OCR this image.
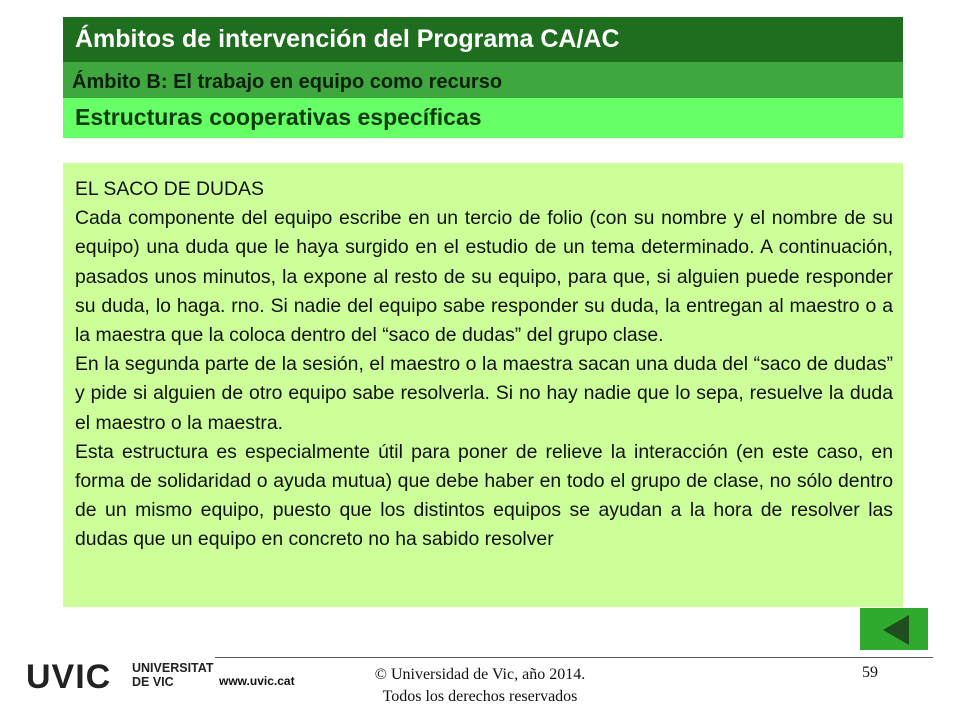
Ámbitos de intervención del Programa CA/AC
Ámbito B: El trabajo en equipo como recurso
Estructuras cooperativas específicas
EL SACO DE DUDAS

Cada componente del equipo escribe en un tercio de folio (con su nombre y el nombre de su equipo) una duda que le haya surgido en el estudio de un tema determinado. A continuación, pasados unos minutos, la expone al resto de su equipo, para que, si alguien puede responder su duda, lo haga. rno. Si nadie del equipo sabe responder su duda, la entregan al maestro o a la maestra que la coloca dentro del “saco de dudas” del grupo clase.

En la segunda parte de la sesión, el maestro o la maestra sacan una duda del “saco de dudas” y pide si alguien de otro equipo sabe resolverla. Si no hay nadie que lo sepa, resuelve la duda el maestro o la maestra.

Esta estructura es especialmente útil para poner de relieve la interacción (en este caso, en forma de solidaridad o ayuda mutua) que debe haber en todo el grupo de clase, no sólo dentro de un mismo equipo, puesto que los distintos equipos se ayudan a la hora de resolver las dudas que un equipo en concreto no ha sabido resolver

UVIC UNIVERSITAT
DE VIC	www.uvic.cat	© Universidad de Vic, año 2014.
Todos los derechos reservados
59
